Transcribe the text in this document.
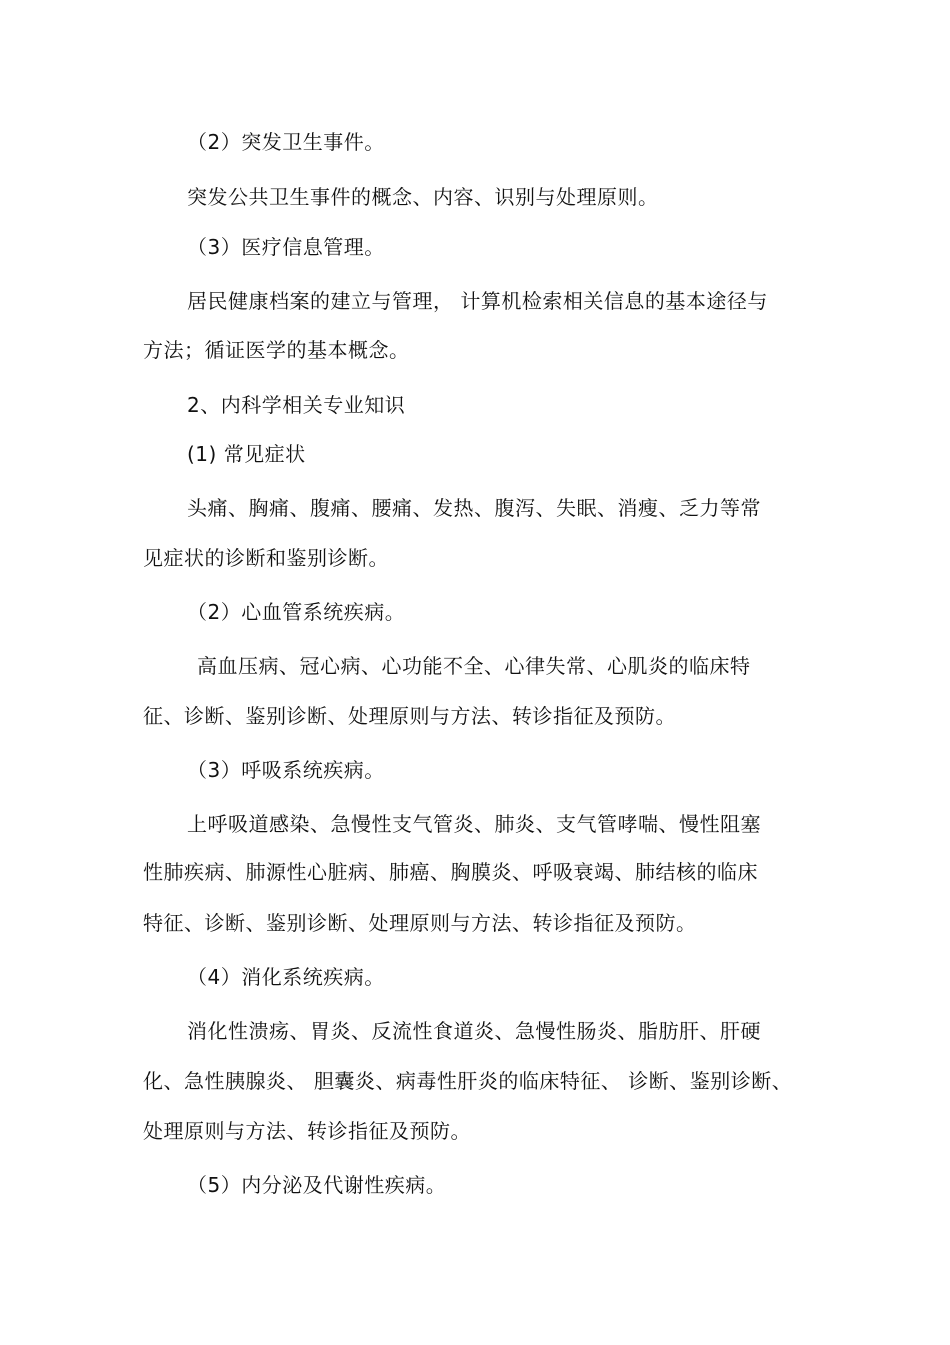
（2）突发卫生事件。
突发公共卫生事件的概念、内容、识别与处理原则。
（3）医疗信息管理。
居民健康档案的建立与管理， 计算机检索相关信息的基本途径与
方法；循证医学的基本概念。
2、内科学相关专业知识
(1) 常见症状
头痛、胸痛、腹痛、腰痛、发热、腹泻、失眠、消瘦、乏力等常
见症状的诊断和鉴别诊断。
（2）心血管系统疾病。
高血压病、冠心病、心功能不全、心律失常、心肌炎的临床特
征、诊断、鉴别诊断、处理原则与方法、转诊指征及预防。
（3）呼吸系统疾病。
上呼吸道感染、急慢性支气管炎、肺炎、支气管哮喘、慢性阻塞
性肺疾病、肺源性心脏病、肺癌、胸膜炎、呼吸衰竭、肺结核的临床
特征、诊断、鉴别诊断、处理原则与方法、转诊指征及预防。
（4）消化系统疾病。
消化性溃疡、胃炎、反流性食道炎、急慢性肠炎、脂肪肝、肝硬
化、急性胰腺炎、 胆囊炎、病毒性肝炎的临床特征、 诊断、鉴别诊断、
处理原则与方法、转诊指征及预防。
（5）内分泌及代谢性疾病。
